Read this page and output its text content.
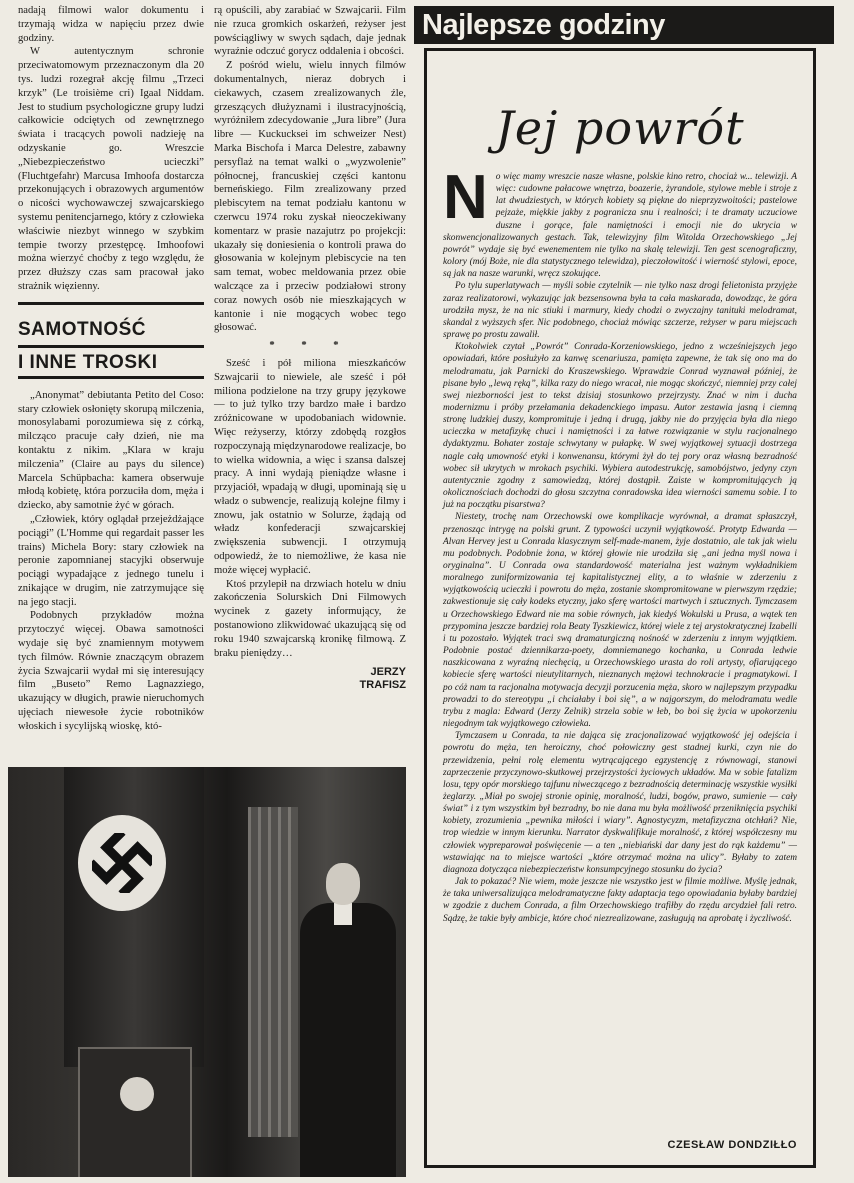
nadają filmowi walor dokumentu i trzymają widza w napięciu przez dwie godziny.

W autentycznym schronie przeciwatomowym przeznaczonym dla 20 tys. ludzi rozegrał akcję filmu „Trzeci krzyk” (Le troisième cri) Igaal Niddam. Jest to studium psychologiczne grupy ludzi całkowicie odciętych od zewnętrznego świata i tracących powoli nadzieję na odzyskanie go. Wreszcie „Niebezpieczeństwo ucieczki” (Fluchtgefahr) Marcusa Imhoofa dostarcza przekonujących i obrazowych argumentów o nicości wychowawczej szwajcarskiego systemu penitencjarnego, który z człowieka właściwie niezbyt winnego w szybkim tempie tworzy przestępcę. Imhoofowi można wierzyć choćby z tego względu, że przez dłuższy czas sam pracował jako strażnik więzienny.

SAMOTNOŚĆ
I INNE TROSKI

„Anonymat” debiutanta Petito del Coso: stary człowiek osłonięty skorupą milczenia, monosylabami porozumiewa się z córką, milcząco pracuje cały dzień, nie ma kontaktu z nikim. „Klara w kraju milczenia” (Claire au pays du silence) Marcela Schüpbacha: kamera obserwuje młodą kobietę, która porzuciła dom, męża i dziecko, aby samotnie żyć w górach.

„Człowiek, który oglądał przejeżdżające pociągi” (L'Homme qui regardait passer les trains) Michela Bory: stary człowiek na peronie zapomnianej stacyjki obserwuje pociągi wypadające z jednego tunelu i znikające w drugim, nie zatrzymujące się na jego stacji.

Podobnych przykładów można przytoczyć więcej. Obawa samotności wydaje się być znamiennym motywem tych filmów. Równie znaczącym obrazem życia Szwajcarii wydał mi się interesujący film „Buseto” Remo Lagnazziego, ukazujący w długich, prawie nieruchomych ujęciach niewesołe życie robotników włoskich i sycylijską wioskę, któ-

rą opuścili, aby zarabiać w Szwajcarii. Film nie rzuca gromkich oskarżeń, reżyser jest powściągliwy w swych sądach, daje jednak wyraźnie odczuć gorycz oddalenia i obcości.

Z pośród wielu, wielu innych filmów dokumentalnych, nieraz dobrych i ciekawych, czasem zrealizowanych źle, grzeszących dłużyznami i ilustracyjnością, wyróżniłem zdecydowanie „Jura libre” (Jura libre — Kuckucksei im schweizer Nest) Marka Bischofa i Marca Delestre, zabawny persyflaż na temat walki o „wyzwolenie” północnej, francuskiej części kantonu berneńskiego. Film zrealizowany przed plebiscytem na temat podziału kantonu w czerwcu 1974 roku zyskał nieoczekiwany komentarz w prasie nazajutrz po projekcji: ukazały się doniesienia o kontroli prawa do głosowania w kolejnym plebiscycie na ten sam temat, wobec meldowania przez obie walczące za i przeciw podziałowi strony coraz nowych osób nie mieszkających w kantonie i nie mogących wobec tego głosować.

* * *

Sześć i pół miliona mieszkańców Szwajcarii to niewiele, ale sześć i pół miliona podzielone na trzy grupy językowe — to już tylko trzy bardzo małe i bardzo zróżnicowane w upodobaniach widownie. Więc reżyserzy, którzy zdobędą rozgłos rozpoczynają międzynarodowe realizacje, bo to wielka widownia, a więc i szansa dalszej pracy. A inni wydają pieniądze własne i przyjaciół, wpadają w długi, upominają się u władz o subwencje, realizują kolejne filmy i znowu, jak ostatnio w Solurze, żądają od władz konfederacji szwajcarskiej zwiększenia subwencji. I otrzymują odpowiedź, że to niemożliwe, że kasa nie może więcej wypłacić.

Ktoś przylepił na drzwiach hotelu w dniu zakończenia Solurskich Dni Filmowych wycinek z gazety informujący, że postanowiono zlikwidować ukazującą się od roku 1940 szwajcarską kronikę filmową. Z braku pieniędzy…

JERZY
TRAFISZ
Najlepsze godziny
Jej powrót

No więc mamy wreszcie nasze własne, polskie kino retro, chociaż w... telewizji. A więc: cudowne pałacowe wnętrza, boazerie, żyrandole, stylowe meble i stroje z lat dwudziestych, w których kobiety są piękne do nieprzyzwoitości; pastelowe pejzaże, miękkie jakby z pogranicza snu i realności; i te dramaty uczuciowe duszne i gorące, fale namiętności i emocji nie do ukrycia w skonwencjonalizowanych gestach. Tak, telewizyjny film Witolda Orzechowskiego „Jej powrót” wydaje się być ewenementem nie tylko na skalę telewizji. Ten gest scenograficzny, kolory (mój Boże, nie dla statystycznego telewidza), pieczołowitość i wierność stylowi, epoce, są jak na nasze warunki, wręcz szokujące.

Po tylu superlatywach — myśli sobie czytelnik — nie tylko nasz drogi felietonista przyjęże zaraz realizatorowi, wykazując jak bezsensowna była ta cała maskarada, dowodząc, że góra urodziła mysz, że na nic stiuki i marmury, kiedy chodzi o zwyczajny tanituki melodramat, skandal z wyższych sfer. Nic podobnego, chociaż mówiąc szczerze, reżyser w paru miejscach sprawę po prostu zawalił.

Ktokolwiek czytał „Powrót” Conrada-Korzeniowskiego, jedno z wcześniejszych jego opowiadań, które posłużyło za kanwę scenariusza, pamięta zapewne, że tak się ono ma do melodramatu, jak Parnicki do Kraszewskiego. Wprawdzie Conrad wyznawał później, że pisane było „lewą ręką”, kilka razy do niego wracał, nie mogąc skończyć, niemniej przy całej swej niezborności jest to tekst dzisiaj stosunkowo przejrzysty. Znać w nim i ducha modernizmu i próby przełamania dekadenckiego impasu. Autor zestawia jasną i ciemną stronę ludzkiej duszy, kompromituje i jedną i drugą, jakby nie do przyjęcia była dla niego ucieczka w metafizykę chuci i namiętności i za łatwe rozwiązanie w stylu racjonalnego dydaktyzmu. Bohater zostaje schwytany w pułapkę. W swej wyjątkowej sytuacji dostrzega nagle całą umowność etyki i konwenansu, którymi żył do tej pory oraz własną bezradność wobec sił ukrytych w mrokach psychiki. Wybiera autodestrukcję, samobójstwo, jedyny czyn autentycznie zgodny z samowiedzą, której dostąpił. Zaiste w kompromitujących ją okolicznościach dochodzi do głosu szczytna conradowska idea wierności samemu sobie. I to już na początku pisarstwa?

Niestety, trochę nam Orzechowski owe komplikacje wyrównał, a dramat spłaszczył, przenosząc intrygę na polski grunt. Z typowości uczynił wyjątkowość. Protytp Edwarda — Alvan Hervey jest u Conrada klasycznym self-made-manem, żyje dostatnio, ale tak jak wielu mu podobnych. Podobnie żona, w której głowie nie urodziła się „ani jedna myśl nowa i oryginalna”. U Conrada owa standardowość materialna jest ważnym wykładnikiem moralnego zuniformizowania tej kapitalistycznej elity, a to właśnie w zderzeniu z wyjątkowością ucieczki i powrotu do męża, zostanie skompromitowane w pierwszym rzędzie; zakwestionuje się cały kodeks etyczny, jako sferę wartości martwych i sztucznych. Tymczasem u Orzechowskiego Edward nie ma sobie równych, jak kiedyś Wokulski u Prusa, a wątek ten przypomina jeszcze bardziej rola Beaty Tyszkiewicz, której wiele z tej arystokratycznej Izabelli i tu pozostało. Wyjątek traci swą dramaturgiczną nośność w zderzeniu z innym wyjątkiem. Podobnie postać dziennikarza-poety, domniemanego kochanka, u Conrada ledwie naszkicowana z wyraźną niechęcią, u Orzechowskiego urasta do roli artysty, ofiarującego kobiecie sferę wartości nieutylitarnych, nieznanych mężowi technokracie i pragmatykowi. I po cóż nam ta racjonalna motywacja decyzji porzucenia męża, skoro w najlepszym przypadku prowadzi to do stereotypu „i chciałaby i boi się”, a w najgorszym, do melodramatu wedle trybu z magla: Edward (Jerzy Zelnik) strzela sobie w łeb, bo boi się życia w upokorzeniu niegodnym tak wyjątkowego człowieka.

Tymczasem u Conrada, ta nie dająca się zracjonalizować wyjątkowość jej odejścia i powrotu do męża, ten heroiczny, choć połowiczny gest stadnej kurki, czyn nie do przewidzenia, pełni rolę elementu wytrącającego egzystencję z równowagi, stanowi zaprzeczenie przyczynowo-skutkowej przejrzystości życiowych układów. Ma w sobie fatalizm losu, tępy opór morskiego tajfunu niweczącego z bezradnością determinację wszystkie wysiłki żeglarzy. „Miał po swojej stronie opinię, moralność, ludzi, bogów, prawo, sumienie — cały świat” i z tym wszystkim był bezradny, bo nie dana mu była możliwość przeniknięcia psychiki kobiety, zrozumienia „pewnika miłości i wiary”. Agnostycyzm, metafizyczna otchłań? Nie, trop wiedzie w innym kierunku. Narrator dyskwalifikuje moralność, z której współczesny mu człowiek wypreparował poświęcenie — a ten „niebiański dar dany jest do rąk każdemu” — wstawiając na to miejsce wartości „które otrzymać można na ulicy”. Byłaby to zatem diagnoza dotycząca niebezpieczeństw konsumpcyjnego stosunku do życia?

Jak to pokazać? Nie wiem, może jeszcze nie wszystko jest w filmie możliwe. Myślę jednak, że taka uniwersalizująca melodramatyczne fakty adaptacja tego opowiadania byłaby bardziej w zgodzie z duchem Conrada, a film Orzechowskiego trafiłby do rzędu arcydzieł fali retro. Sądzę, że takie były ambicje, które choć niezrealizowane, zasługują na aprobatę i życzliwość.

CZESŁAW DONDZIŁŁO
